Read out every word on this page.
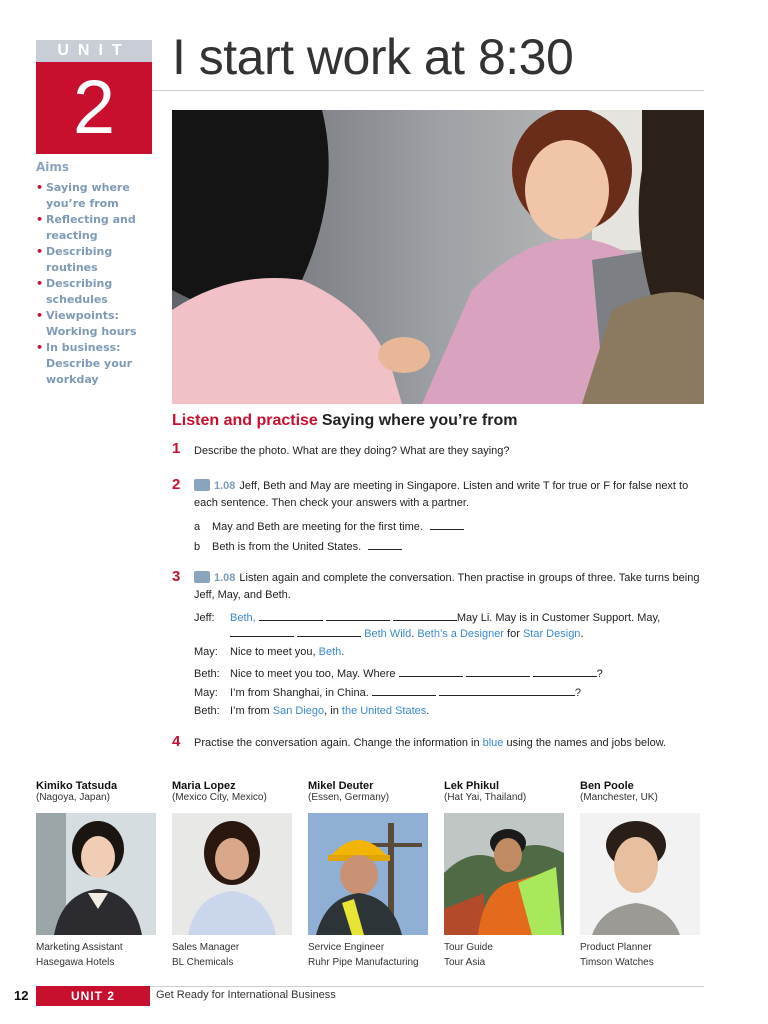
UNIT
2
I start work at 8:30
Aims
• Saying where you’re from
• Reflecting and reacting
• Describing routines
• Describing schedules
• Viewpoints: Working hours
• In business: Describe your workday
Listen and practise Saying where you’re from
1 Describe the photo. What are they doing? What are they saying?
2	1.08 Jeff, Beth and May are meeting in Singapore. Listen and write T for true or F for false next to each sentence. Then check your answers with a partner.
a May and Beth are meeting for the first time.
b Beth is from the United States.
3	1.08 Listen again and complete the conversation. Then practise in groups of three. Take turns being Jeff, May, and Beth.
Jeff: Beth,	May Li. May is in Customer Support. May,
Beth Wild. Beth’s a Designer for Star Design.
May: Nice to meet you, Beth.
Beth: Nice to meet you too, May. Where	?
May: I’m from Shanghai, in China.	?
Beth: I’m from San Diego, in the United States.
4 Practise the conversation again. Change the information in blue using the names and jobs below.
Kimiko Tatsuda
(Nagoya, Japan)
Marketing Assistant
Hasegawa Hotels
Maria Lopez
(Mexico City, Mexico)
Sales Manager
BL Chemicals
Mikel Deuter
(Essen, Germany)
Service Engineer
Ruhr Pipe Manufacturing
Lek Phikul
(Hat Yai, Thailand)
Tour Guide
Tour Asia
Ben Poole
(Manchester, UK)
Product Planner
Timson Watches
12	UNIT 2	Get Ready for International Business
